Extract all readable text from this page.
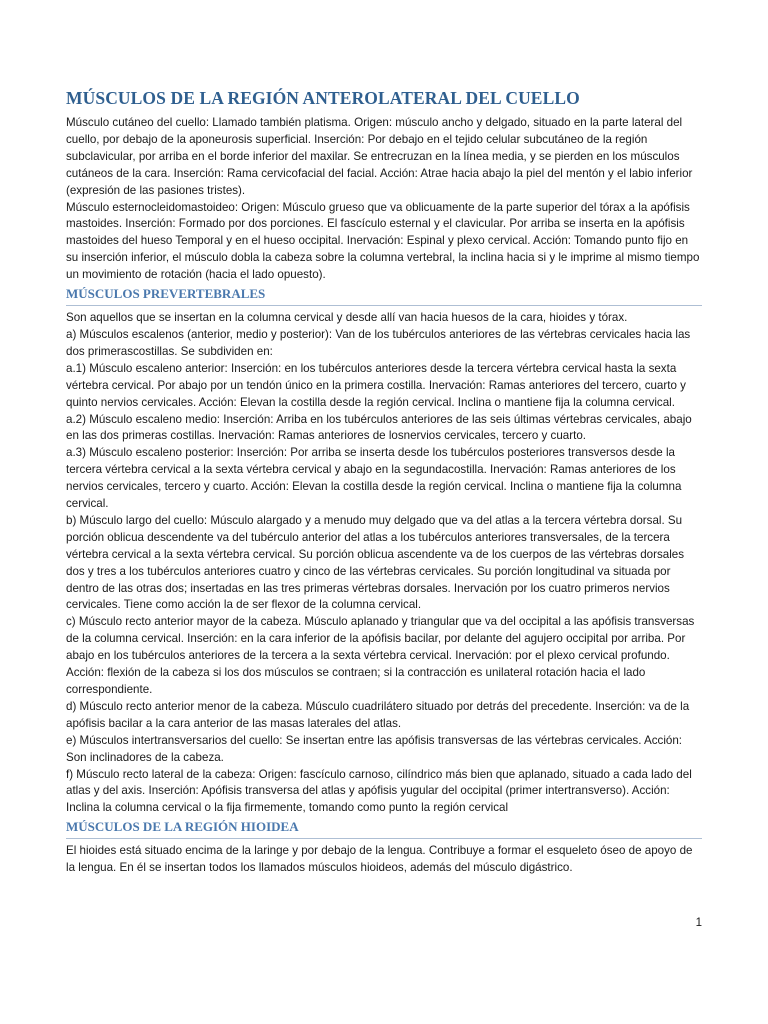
MÚSCULOS DE LA REGIÓN ANTEROLATERAL DEL CUELLO

Músculo cutáneo del cuello: Llamado también platisma. Origen: músculo ancho y delgado, situado en la parte lateral del cuello, por debajo de la aponeurosis superficial. Inserción: Por debajo en el tejido celular subcutáneo de la región subclavicular, por arriba en el borde inferior del maxilar. Se entrecruzan en la línea media, y se pierden en los músculos cutáneos de la cara. Inserción: Rama cervicofacial del facial. Acción: Atrae hacia abajo la piel del mentón y el labio inferior (expresión de las pasiones tristes).

Músculo esternocleidomastoideo: Origen: Músculo grueso que va oblicuamente de la parte superior del tórax a la apófisis mastoides. Inserción: Formado por dos porciones. El fascículo esternal y el clavicular. Por arriba se inserta en la apófisis mastoides del hueso Temporal y en el hueso occipital. Inervación: Espinal y plexo cervical. Acción: Tomando punto fijo en su inserción inferior, el músculo dobla la cabeza sobre la columna vertebral, la inclina hacia si y le imprime al mismo tiempo un movimiento de rotación (hacia el lado opuesto).

MÚSCULOS PREVERTEBRALES

Son aquellos que se insertan en la columna cervical y desde allí van hacia huesos de la cara, hioides y tórax.

a) Músculos escalenos (anterior, medio y posterior): Van de los tubérculos anteriores de las vértebras cervicales hacia las dos primerascostillas. Se subdividen en:

a.1) Músculo escaleno anterior: Inserción: en los tubérculos anteriores desde la tercera vértebra cervical hasta la sexta vértebra cervical. Por abajo por un tendón único en la primera costilla. Inervación: Ramas anteriores del tercero, cuarto y quinto nervios cervicales. Acción: Elevan la costilla desde la región cervical. Inclina o mantiene fija la columna cervical.

a.2) Músculo escaleno medio: Inserción: Arriba en los tubérculos anteriores de las seis últimas vértebras cervicales, abajo en las dos primeras costillas. Inervación: Ramas anteriores de losnervios cervicales, tercero y cuarto.

a.3) Músculo escaleno posterior: Inserción: Por arriba se inserta desde los tubérculos posteriores transversos desde la tercera vértebra cervical a la sexta vértebra cervical y abajo en la segundacostilla. Inervación: Ramas anteriores de los nervios cervicales, tercero y cuarto. Acción: Elevan la costilla desde la región cervical. Inclina o mantiene fija la columna cervical.

b) Músculo largo del cuello: Músculo alargado y a menudo muy delgado que va del atlas a la tercera vértebra dorsal. Su porción oblicua descendente va del tubérculo anterior del atlas a los tubérculos anteriores transversales, de la tercera vértebra cervical a la sexta vértebra cervical. Su porción oblicua ascendente va de los cuerpos de las vértebras dorsales dos y tres a los tubérculos anteriores cuatro y cinco de las vértebras cervicales. Su porción longitudinal va situada por dentro de las otras dos; insertadas en las tres primeras vértebras dorsales. Inervación por los cuatro primeros nervios cervicales. Tiene como acción la de ser flexor de la columna cervical.

c) Músculo recto anterior mayor de la cabeza. Músculo aplanado y triangular que va del occipital a las apófisis transversas de la columna cervical. Inserción: en la cara inferior de la apófisis bacilar, por delante del agujero occipital por arriba. Por abajo en los tubérculos anteriores de la tercera a la sexta vértebra cervical. Inervación: por el plexo cervical profundo. Acción: flexión de la cabeza si los dos músculos se contraen; si la contracción es unilateral rotación hacia el lado correspondiente.

d) Músculo recto anterior menor de la cabeza. Músculo cuadrilátero situado por detrás del precedente. Inserción: va de la apófisis bacilar a la cara anterior de las masas laterales del atlas.

e) Músculos intertransversarios del cuello: Se insertan entre las apófisis transversas de las vértebras cervicales. Acción: Son inclinadores de la cabeza.

f) Músculo recto lateral de la cabeza: Origen: fascículo carnoso, cilíndrico más bien que aplanado, situado a cada lado del atlas y del axis. Inserción: Apófisis transversa del atlas y apófisis yugular del occipital (primer intertransverso). Acción: Inclina la columna cervical o la fija firmemente, tomando como punto la región cervical

MÚSCULOS DE LA REGIÓN HIOIDEA

El hioides está situado encima de la laringe y por debajo de la lengua. Contribuye a formar el esqueleto óseo de apoyo de la lengua. En él se insertan todos los llamados músculos hioideos, además del músculo digástrico.

1
